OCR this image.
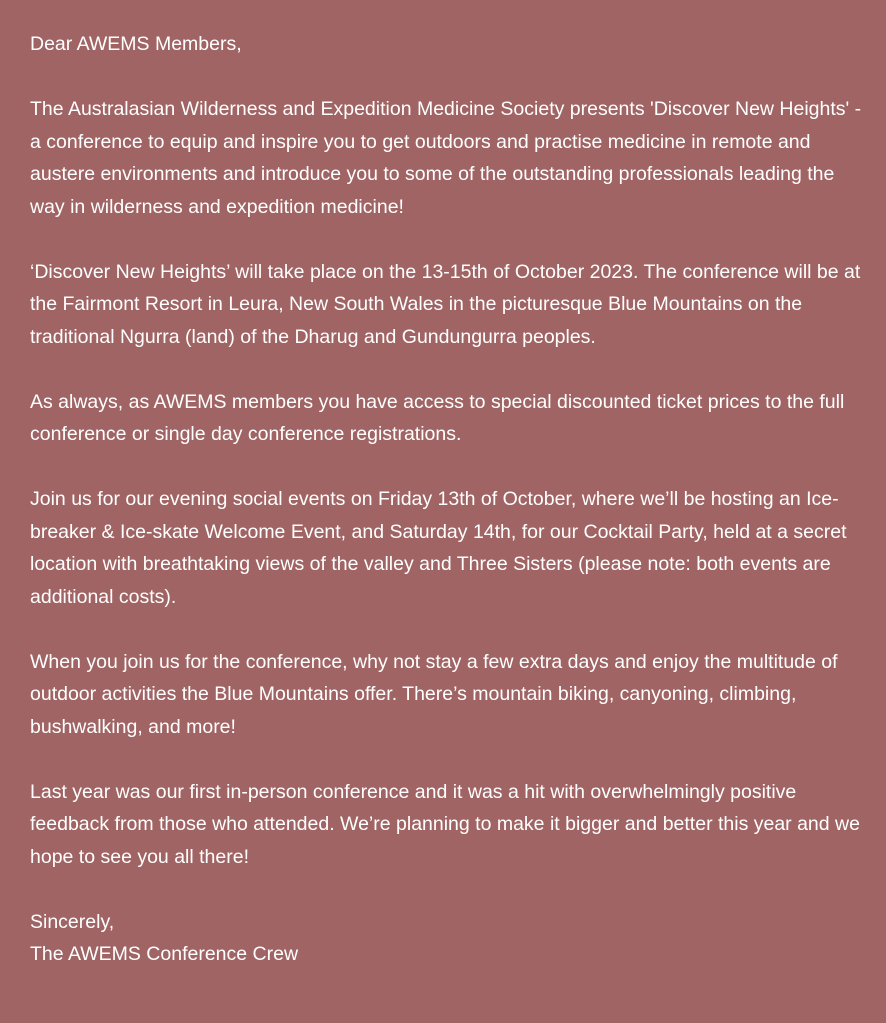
Dear AWEMS Members,

The Australasian Wilderness and Expedition Medicine Society presents 'Discover New Heights' - a conference to equip and inspire you to get outdoors and practise medicine in remote and austere environments and introduce you to some of the outstanding professionals leading the way in wilderness and expedition medicine!

‘Discover New Heights’ will take place on the 13-15th of October 2023. The conference will be at the Fairmont Resort in Leura, New South Wales in the picturesque Blue Mountains on the traditional Ngurra (land) of the Dharug and Gundungurra peoples.

As always, as AWEMS members you have access to special discounted ticket prices to the full conference or single day conference registrations.

Join us for our evening social events on Friday 13th of October, where we’ll be hosting an Ice-breaker & Ice-skate Welcome Event, and Saturday 14th, for our Cocktail Party, held at a secret location with breathtaking views of the valley and Three Sisters (please note: both events are additional costs).

When you join us for the conference, why not stay a few extra days and enjoy the multitude of outdoor activities the Blue Mountains offer. There’s mountain biking, canyoning, climbing, bushwalking, and more!

Last year was our first in-person conference and it was a hit with overwhelmingly positive feedback from those who attended. We’re planning to make it bigger and better this year and we hope to see you all there!

Sincerely,

The AWEMS Conference Crew
